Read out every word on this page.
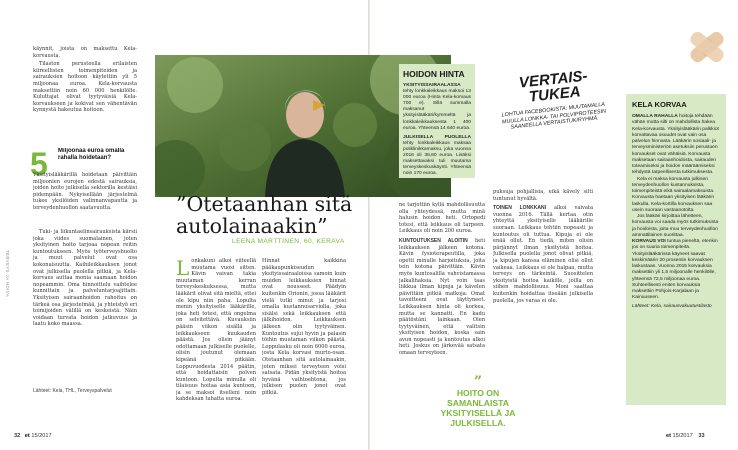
käynnit, joista on maksettu Kela-korvausta.

Tilaston perusteella erilaisten kiireellisten toimenpiteiden ja sairauksien hoitoon käytettiin yli 5 miljoonaa euroa. Kela-korvausta maksettiin noin 60 000 henkilölle. Kuluttajat olivat tyytyväisiä Kela-korvaukseen ja kokivat sen vähentävän kynnystä hakeutua hoitoon.

5 Miljoonaa euroa omalla rahalla hoidetaan?

Yksityislääkärillä hoidetaan päivittäin miljoonien eurojen edestä sairauksia, joiden hoito julkisella sektorilla kestäisi pidempään. Nykyisellään järjestelmä tukee yksilöiden valinnanvapautta ja terveydenhuollon saatavuutta.

Tuki- ja liikuntaelinsairauksista kärsii joka viides suomalainen, joten yksityinen hoito tarjoaa nopean reitin kuntoutukseen. Myös työterveyshuolto ja muut palvelut ovat osa kokonaisuutta. Kaihileikkauksen jonot ovat julkisella puolella pitkiä, ja Kela-korvaus auttaa monia saamaan hoidon nopeammin. Oma hinnoittelu vaihtelee kunnittain ja palveluntarjoajittain. Yksityisen sairaanhoidon rahoitus on tärkeä osa järjestelmää, ja yhteistyö eri toimijoiden välillä on keskeistä. Näin voidaan turvata hoidon jatkuvuus ja laatu koko maassa.

Lähteet: Kela, THL, Terveyspalvelut
TERVEYS JA HOIVA
”Otetaanhan sitä autolainaakin”
LEENA MARTTINEN, 60, KERAVA
L onkakuni alkoi viiteellä muutama vuosi sitten. Kävin vaivan takia muutaman kerran terveyskeskuksessa, mutta lääkärit olivat sitä mieltä, ettei ole kipu niin paha. Lopulta menin yksityiselle lääkärille, joka heti totesi, että ongelma on selvitettävä. Kuvauksiin pääsin viikon sisällä ja leikkaukseen kuukauden päästä. Jos olisin jäänyt odottamaan julkiselle puolelle, olisin joutunut olemaan kipeänä pitkään. Loppuvuodesta 2014 päätin, että hoidattaisin polven kuntoon. Lopulta minulla oli tilaisuus hoitaa asia kuntoon, ja se maksoi itselleni noin kahdeksan tuhatta euroa.

Hinnat kaikkina pääkaupunkiseudun yksityissairaaloissa samoin kuin muiden leikkauksien hinnat ovat nousseet. Päädyin kuitenkin Orionin, jossa lääkärit vielä tutki minut ja tarjosi omalla kustannusarviolla, joka sisälsi sekä leikkauksen että jälkihoidon. Leikkauksen jälkeen olin tyytyväinen. Kuntoutus sujui hyvin ja palasin töihin muutaman viikon päästä. Loppulasku oli noin 6000 euroa, josta Kela korvasi murto-osan. Otetaanhan sitä autolainaakin, joten miksei terveyteen voisi satsata. Pidän yksityistä hoitoa hyvänä vaihtoehtona, jos julkisen puolen jonot ovat pitkiä.

ne tarjottiin kyllä mahdollisuutta olla yhteydessä, mutta minä halusin hoidon heti. Ortopedi totesi, että leikkaus oli tarpeen. Leikkaus oli noin 200 euroa.

KUNTOUTUKSEN ALOITIN heti leikkauksen jälkeen kotona. Kävin fysioterapeutilla, joka opetti minulle harjoituksia, joita tein kotona päivittäin. Kävin myös kuntosalilla vahvistamassa jalkalihaksia. Nyt voin taas liikkua ilman kipuja ja kävelen päivittäin pitkiä matkoja. Omat tavoitteeni ovat täyttyneet. Leikkauksen hinta oli korkea, mutta se kannatti. En kadu päätöstäni lainkaan. Olen tyytyväinen, että valitsin yksityisen hoidon, koska sain avun nopeasti ja kuntoutus alkoi heti. Joskus on järkevää satsata omaan terveyteen.

puksuja pohjallisia, eikä kävely silti tuntunut hyvältä.

TOINEN LONKKANI alkoi vaivata vuonna 2016. Tällä kertaa otin yhteyttä yksityiselle lääkärille suoraan. Leikkaus tehtiin nopeasti ja kuntoutus oli tuttua. Kipuja ei ole enää ollut. En tiedä, miten olisin pärjännyt ilman yksityistä hoitoa. Julkisella puolella jonot olivat pitkiä, ja kipujen kanssa eläminen olisi ollut vaikeaa. Leikkaus ei ole halpaa, mutta terveys on tärkeintä. Suosittelen yksityistä hoitoa kaikille, joilla on siihen mahdollisuus. Moni saattaa kuitenkin hoidattaa itseään julkisella puolella, jos varaa ei ole.

”
HOITO ON SAMANLAISTA YKSITYISELLÄ JA JULKISELLA.
HOIDON HINTA

YKSITYISSAIRAALASSA tehty lonkkaleikkaus maksoi 13 000 euroa (Hinta Kela-korvaus 700 e). Sillä summalla maksanut yksityislääkäri/kymmeltä ja lonkkaleikkauksesta 1 400 euroa. Yhteensä 14 640 euroa.

JULKISELLA PUOLELLA tehty lonkkaleikkaus maksaa poliklinikkamaksu, joka vuonna 2016 oli 38,80 euroa. Lisäksi maksettavaksi tuli muutama terveyskeskuskäynti. Yhteensä noin 170 euroa.

VERTAIS-TUKEA
LOHTUA FACEBOOKISTA: MUUTAMALLA MUULLA LONKKA- TAI POLVIPROTEESIN SAANEELLA VERTAISTUKIRYHMÄ.
KELA KORVAA

OMALLA RAHALLA hoitoja tehdään vähän mutta silti on mahdollista hakea Kela-korvausta. Yksityislääkärin palkkiot korvattavaa osuudet ovat vain osa palvelun hinnasta. Lääkärin sosiaali- ja terveysministeriön asetuksiin perustuen korvaukset ovat vähäisiä. Korvausta maksetaan sairaanhoidosta, sairauden toteamiseksi ja hoidon määräämiseksi tehdystä tarpeellisesta tutkimuksesta.

Kela ei maksa korvausta julkisen terveydenhuollon kustannuksista, toimenpiteistä eikä sairaalamaksuista. Korvausta haetaan yksityisen lääkärin laskulla. Kela-kortilla korvauksen saa usein suoraan vastaanotolta.

Jos lääkäri kirjoittaa lähetteen, korvausta voi saada myös tutkimuksista ja hoidoista, joita muu terveydenhuollon ammattilainen suorittaa.

KORVAUS VOI tuntua pieneltä, etenkin jos on suuria toimenpiteitä. Yksityislääkärissä käyneet saavat keskimäärin 20 prosentin korvauksen laskustaan. Vuonna 2015 korvauksia maksettiin yli 1,5 miljoonalle henkilölle, yhteensä 72,5 miljoonaa euroa. Suhteellisesti eniten korvauksia maksettiin Pohjois-Karjalaan ja Kainuuseen.

Lähteet: Kela, sairausvakuutustilasto

32 et 15/2017	et 15/2017 33
